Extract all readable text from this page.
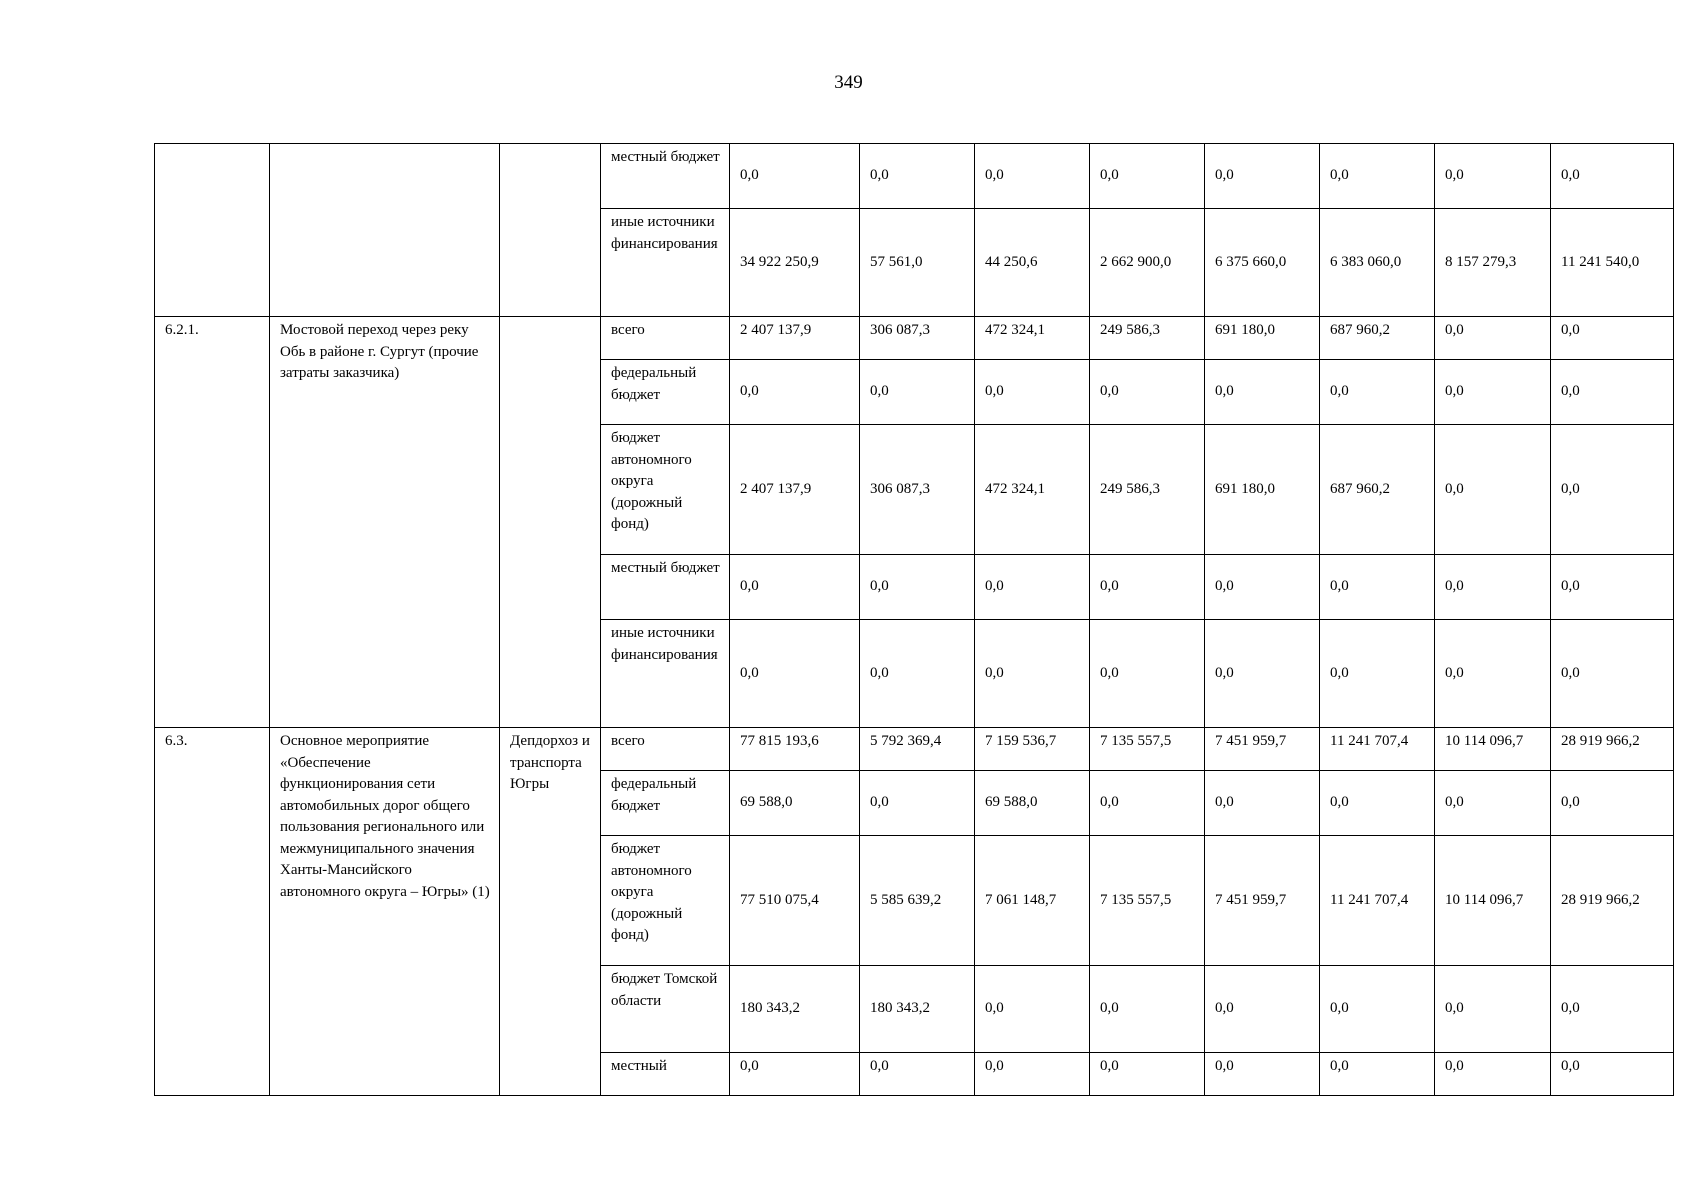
349
			местный бюджет	0,0	0,0	0,0	0,0	0,0	0,0	0,0	0,0
			иные источники финансирования	34 922 250,9	57 561,0	44 250,6	2 662 900,0	6 375 660,0	6 383 060,0	8 157 279,3	11 241 540,0
6.2.1.	Мостовой переход через реку Обь в районе г. Сургут (прочие затраты заказчика)		всего	2 407 137,9	306 087,3	472 324,1	249 586,3	691 180,0	687 960,2	0,0	0,0
			федеральный бюджет	0,0	0,0	0,0	0,0	0,0	0,0	0,0	0,0
			бюджет автономного округа (дорожный фонд)	2 407 137,9	306 087,3	472 324,1	249 586,3	691 180,0	687 960,2	0,0	0,0
			местный бюджет	0,0	0,0	0,0	0,0	0,0	0,0	0,0	0,0
			иные источники финансирования	0,0	0,0	0,0	0,0	0,0	0,0	0,0	0,0
6.3.	Основное мероприятие «Обеспечение функционирования сети автомобильных дорог общего пользования регионального или межмуниципального значения Ханты-Мансийского автономного округа – Югры» (1)	Депдорхоз и транспорта Югры	всего	77 815 193,6	5 792 369,4	7 159 536,7	7 135 557,5	7 451 959,7	11 241 707,4	10 114 096,7	28 919 966,2
			федеральный бюджет	69 588,0	0,0	69 588,0	0,0	0,0	0,0	0,0	0,0
			бюджет автономного округа (дорожный фонд)	77 510 075,4	5 585 639,2	7 061 148,7	7 135 557,5	7 451 959,7	11 241 707,4	10 114 096,7	28 919 966,2
			бюджет Томской области	180 343,2	180 343,2	0,0	0,0	0,0	0,0	0,0	0,0
			местный	0,0	0,0	0,0	0,0	0,0	0,0	0,0	0,0
